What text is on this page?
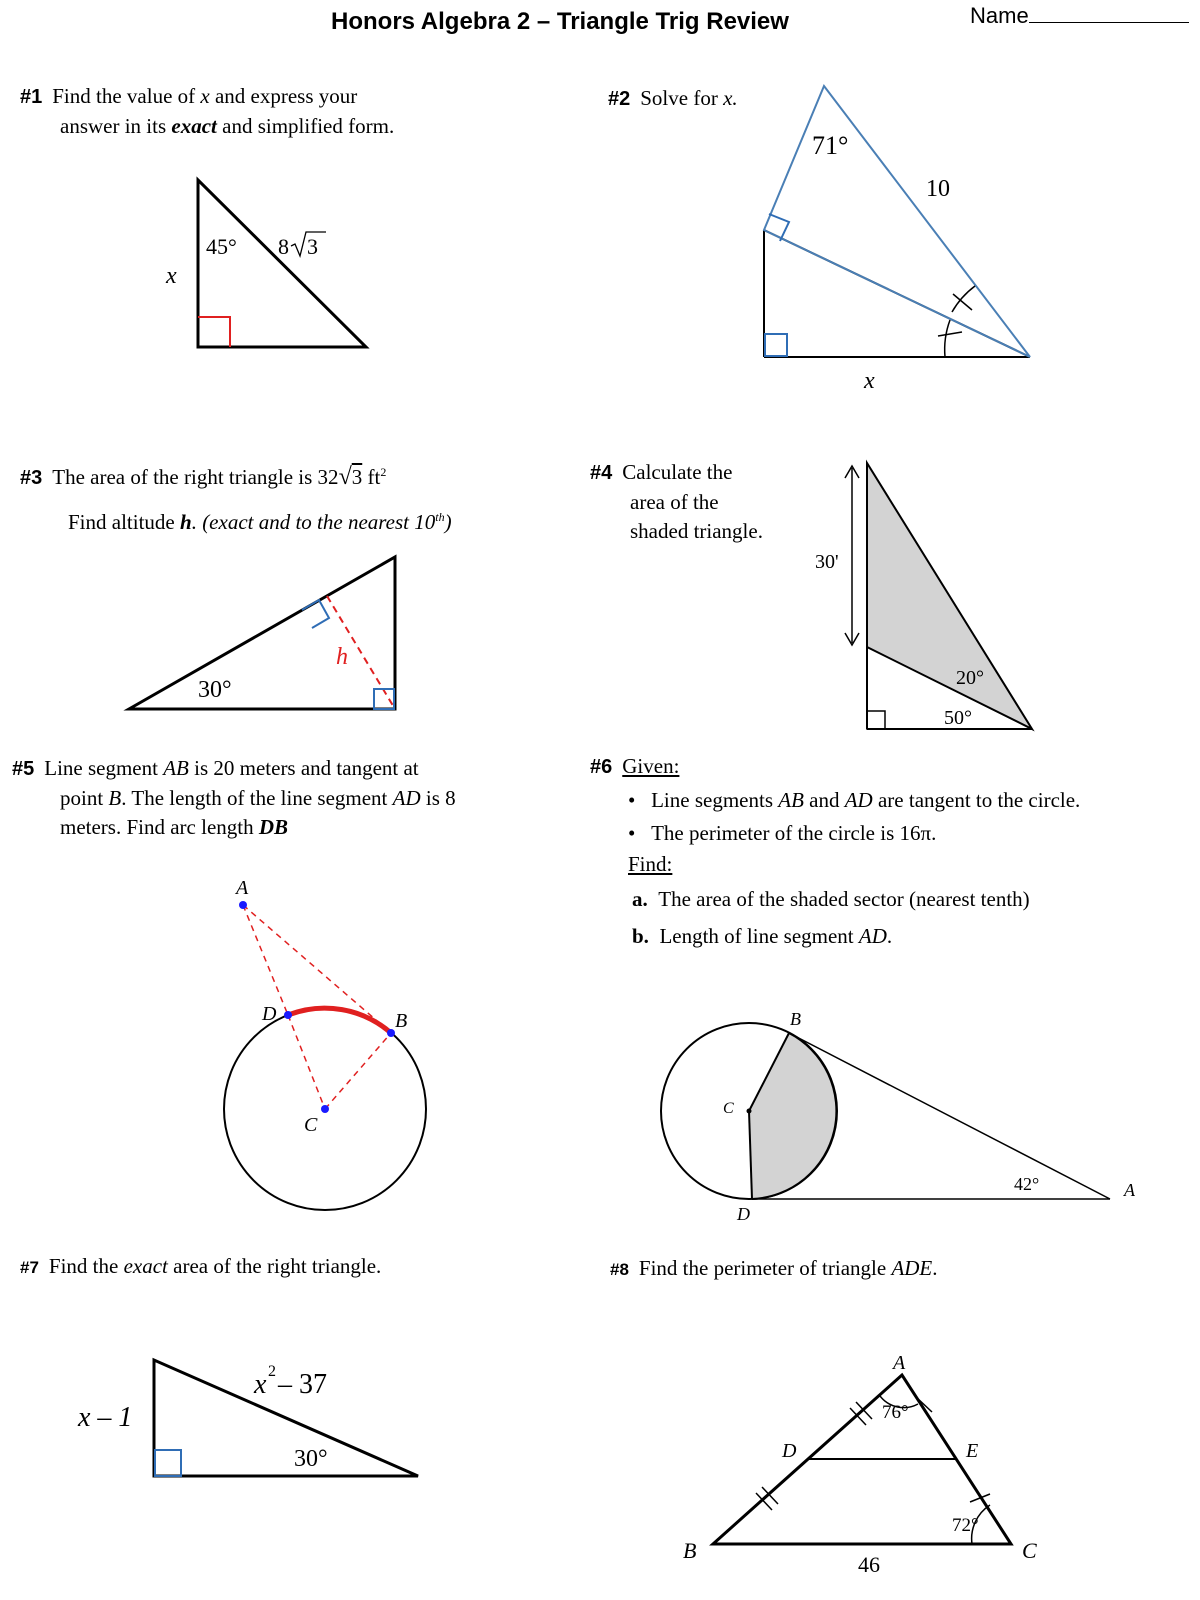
Honors Algebra 2 – Triangle Trig Review	Name
#1 Find the value of x and express your
answer in its exact and simplified form.
#2 Solve for x.
#3 The area of the right triangle is 32√3 $ft^2$
Find altitude h. (exact and to the nearest 10th)
#4 Calculate the
area of the
shaded triangle.
#5 Line segment AB is 20 meters and tangent at
point B. The length of the line segment AD is 8
meters. Find arc length DB
#6 Given:
•   Line segments AB and AD are tangent to the circle.
•   The perimeter of the circle is 16π.
Find:
a. The area of the shaded sector (nearest tenth)
b. Length of line segment AD.
#7 Find the exact area of the right triangle.	#8 Find the perimeter of triangle ADE.
45°
x
8 3
71°
10
x
30°
h
30'
20°
50°
A
D	B
C
B
C
D
A
42°
x – 1
x 2 – 37
30°
A
D	E
B	C
76°
72°
46
